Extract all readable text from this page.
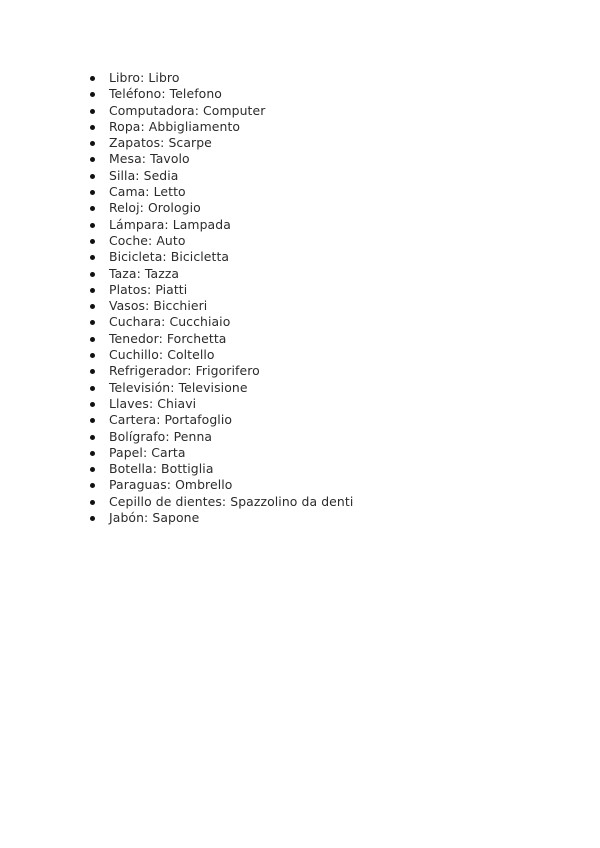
Libro: Libro
Teléfono: Telefono
Computadora: Computer
Ropa: Abbigliamento
Zapatos: Scarpe
Mesa: Tavolo
Silla: Sedia
Cama: Letto
Reloj: Orologio
Lámpara: Lampada
Coche: Auto
Bicicleta: Bicicletta
Taza: Tazza
Platos: Piatti
Vasos: Bicchieri
Cuchara: Cucchiaio
Tenedor: Forchetta
Cuchillo: Coltello
Refrigerador: Frigorifero
Televisión: Televisione
Llaves: Chiavi
Cartera: Portafoglio
Bolígrafo: Penna
Papel: Carta
Botella: Bottiglia
Paraguas: Ombrello
Cepillo de dientes: Spazzolino da denti
Jabón: Sapone
